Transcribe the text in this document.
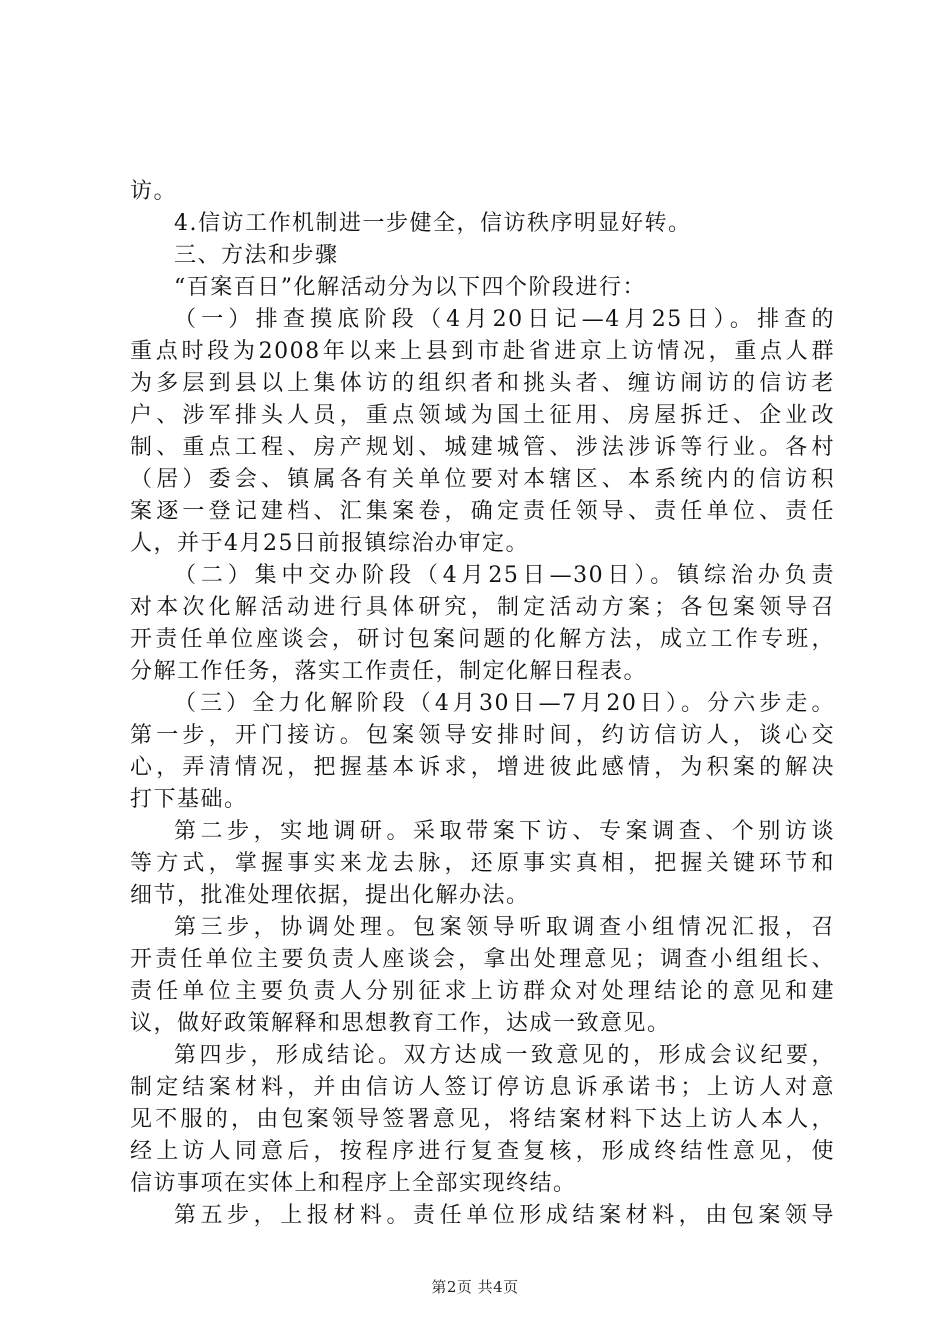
访。
4.信访工作机制进一步健全，信访秩序明显好转。
三、方法和步骤
“百案百日”化解活动分为以下四个阶段进行：
（一）排查摸底阶段（4月20日记—4月25日）。排查的
重点时段为2008年以来上县到市赴省进京上访情况，重点人群
为多层到县以上集体访的组织者和挑头者、缠访闹访的信访老
户、涉军排头人员，重点领域为国土征用、房屋拆迁、企业改
制、重点工程、房产规划、城建城管、涉法涉诉等行业。各村
（居）委会、镇属各有关单位要对本辖区、本系统内的信访积
案逐一登记建档、汇集案卷，确定责任领导、责任单位、责任
人，并于4月25日前报镇综治办审定。
（二）集中交办阶段（4月25日—30日）。镇综治办负责
对本次化解活动进行具体研究，制定活动方案；各包案领导召
开责任单位座谈会，研讨包案问题的化解方法，成立工作专班，
分解工作任务，落实工作责任，制定化解日程表。
（三）全力化解阶段（4月30日—7月20日）。分六步走。
第一步，开门接访。包案领导安排时间，约访信访人，谈心交
心，弄清情况，把握基本诉求，增进彼此感情，为积案的解决
打下基础。
第二步，实地调研。采取带案下访、专案调查、个别访谈
等方式，掌握事实来龙去脉，还原事实真相，把握关键环节和
细节，批准处理依据，提出化解办法。
第三步，协调处理。包案领导听取调查小组情况汇报，召
开责任单位主要负责人座谈会，拿出处理意见；调查小组组长、
责任单位主要负责人分别征求上访群众对处理结论的意见和建
议，做好政策解释和思想教育工作，达成一致意见。
第四步，形成结论。双方达成一致意见的，形成会议纪要，
制定结案材料，并由信访人签订停访息诉承诺书；上访人对意
见不服的，由包案领导签署意见，将结案材料下达上访人本人，
经上访人同意后，按程序进行复查复核，形成终结性意见，使
信访事项在实体上和程序上全部实现终结。
第五步，上报材料。责任单位形成结案材料，由包案领导
第2页 共4页
